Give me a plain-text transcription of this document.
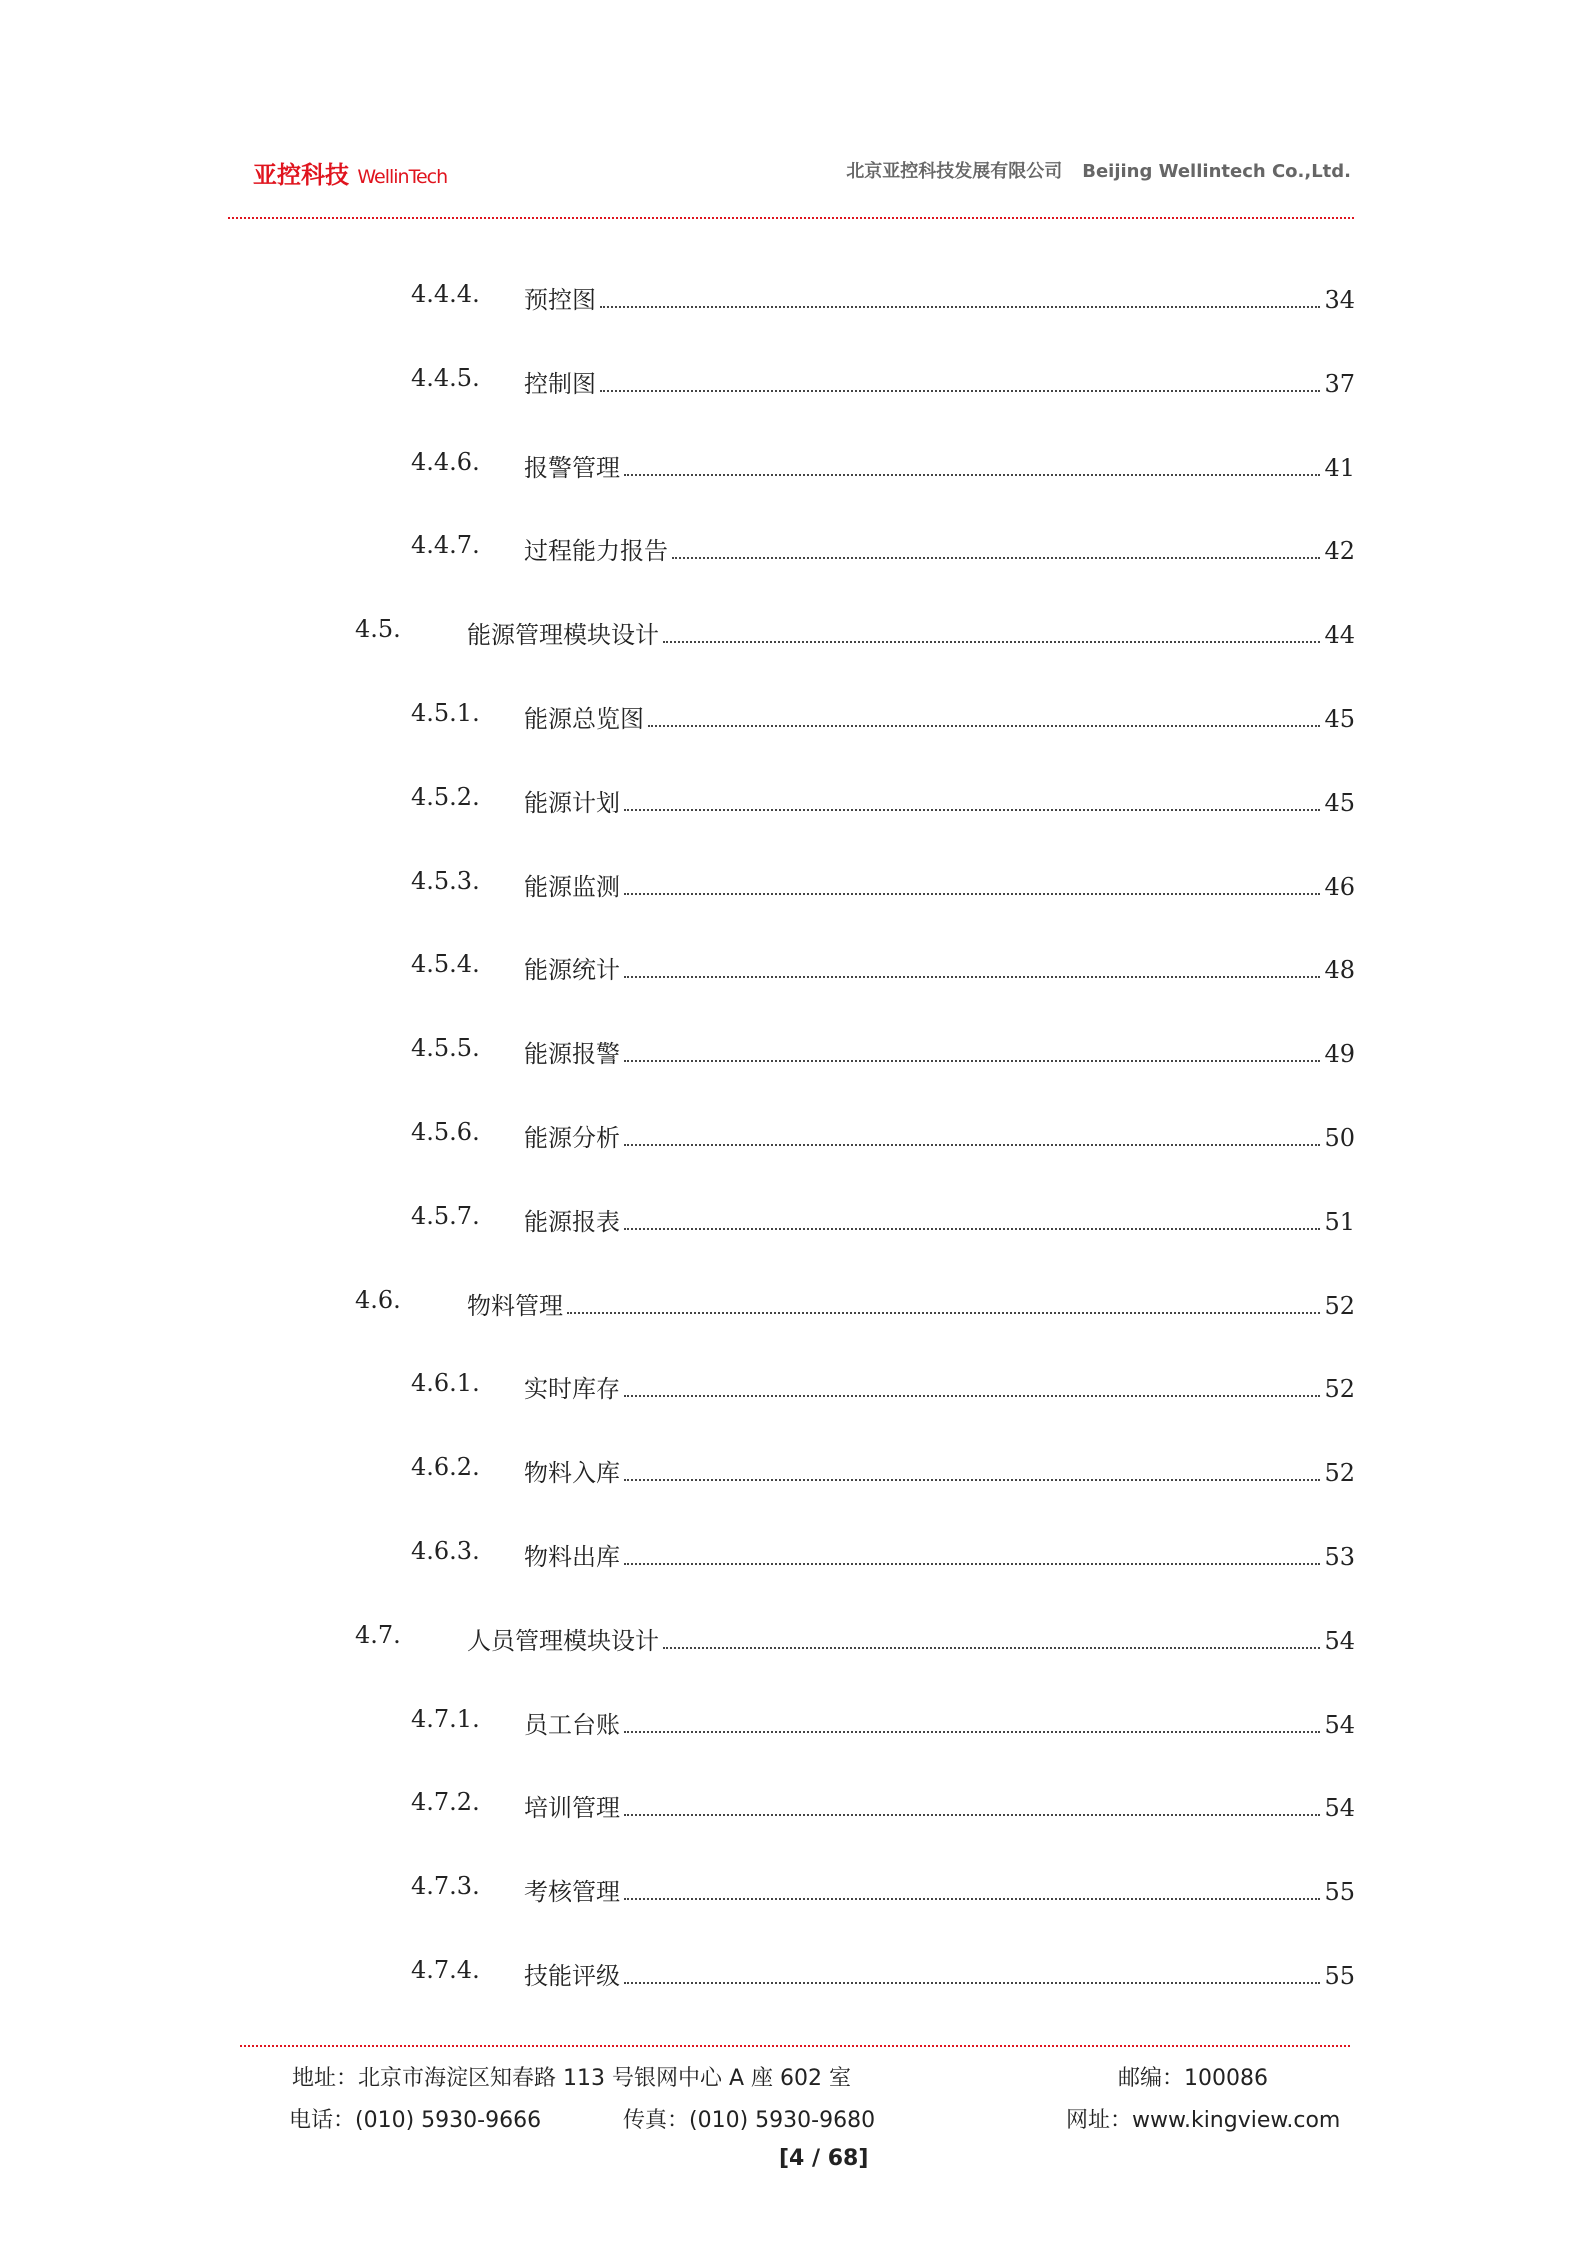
亚控科技 WellinTech	北京亚控科技发展有限公司 Beijing Wellintech Co.,Ltd.
4.4.4. 预控图	34
4.4.5. 控制图	37
4.4.6. 报警管理	41
4.4.7. 过程能力报告	42
4.5.	能源管理模块设计	44
4.5.1. 能源总览图	45
4.5.2. 能源计划	45
4.5.3. 能源监测	46
4.5.4. 能源统计	48
4.5.5. 能源报警	49
4.5.6. 能源分析	50
4.5.7. 能源报表	51
4.6.	物料管理	52
4.6.1. 实时库存	52
4.6.2. 物料入库	52
4.6.3. 物料出库	53
4.7.	人员管理模块设计	54
4.7.1. 员工台账	54
4.7.2. 培训管理	54
4.7.3. 考核管理	55
4.7.4. 技能评级	55
地址：北京市海淀区知春路 113 号银网中心 A 座 602 室	邮编：100086
电话：(010) 5930-9666	传真：(010) 5930-9680	网址：www.kingview.com
[4 / 68]
